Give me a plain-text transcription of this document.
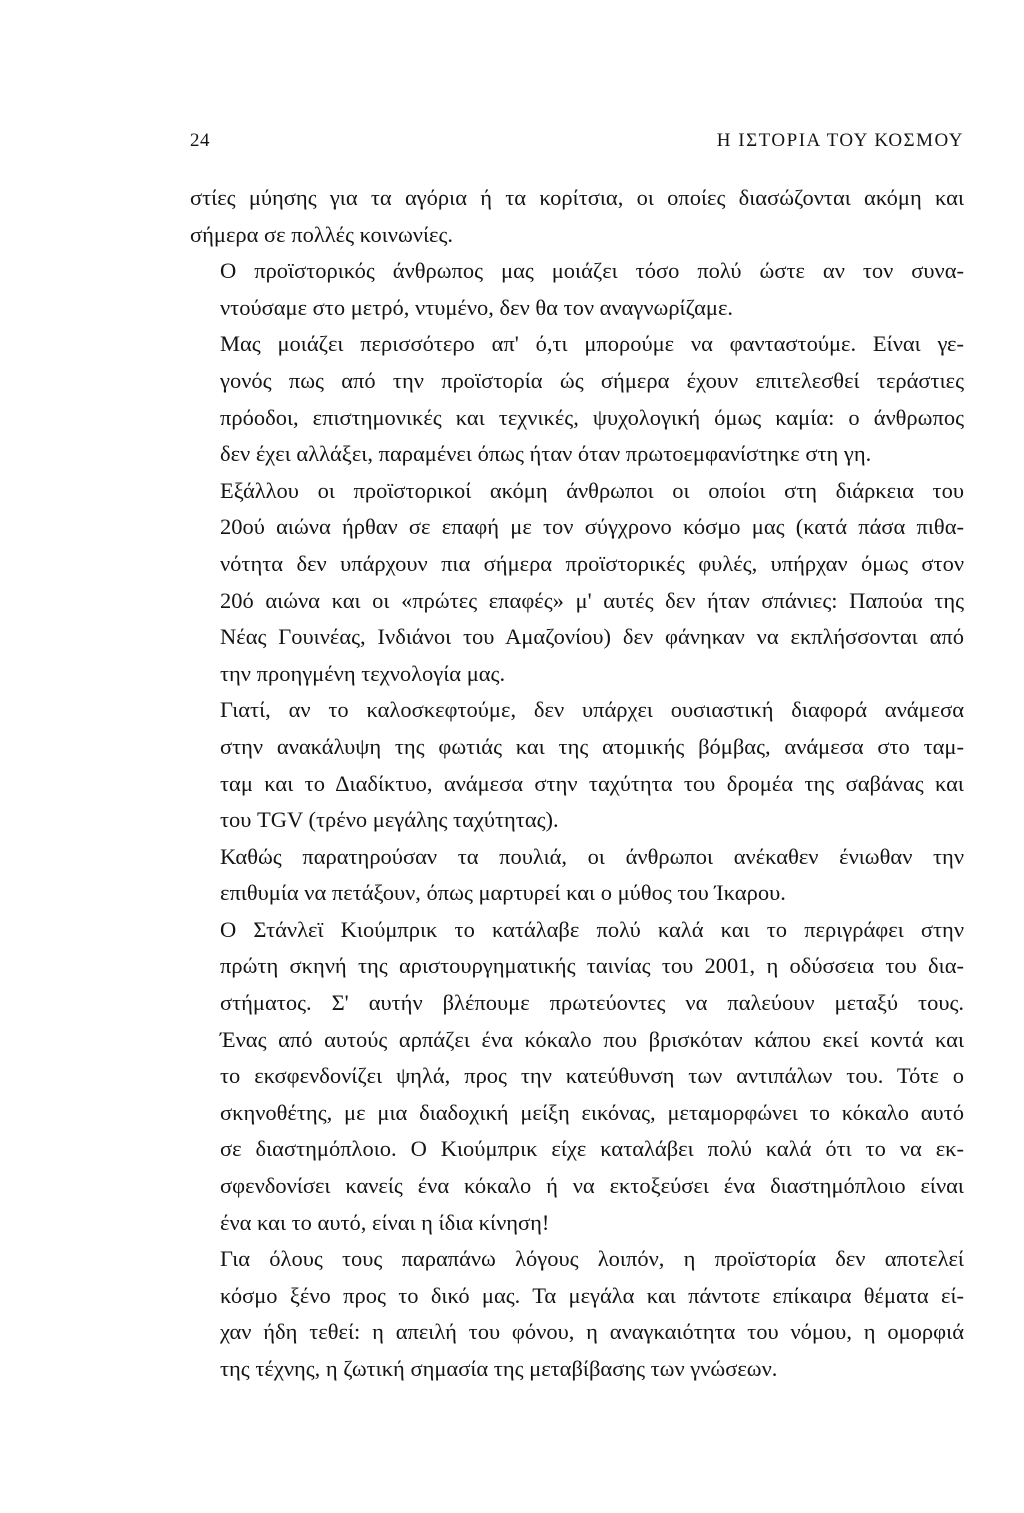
24	Η ΙΣΤΟΡΙΑ ΤΟΥ ΚΟΣΜΟΥ

στίες μύησης για τα αγόρια ή τα κορίτσια, οι οποίες διασώζονται ακόμη και
σήμερα σε πολλές κοινωνίες.

Ο προϊστορικός άνθρωπος μας μοιάζει τόσο πολύ ώστε αν τον συνα-
ντούσαμε στο μετρό, ντυμένο, δεν θα τον αναγνωρίζαμε.

Μας μοιάζει περισσότερο απ' ό,τι μπορούμε να φανταστούμε. Είναι γε-
γονός πως από την προϊστορία ώς σήμερα έχουν επιτελεσθεί τεράστιες
πρόοδοι, επιστημονικές και τεχνικές, ψυχολογική όμως καμία: ο άνθρωπος
δεν έχει αλλάξει, παραμένει όπως ήταν όταν πρωτοεμφανίστηκε στη γη.

Εξάλλου οι προϊστορικοί ακόμη άνθρωποι οι οποίοι στη διάρκεια του
20ού αιώνα ήρθαν σε επαφή με τον σύγχρονο κόσμο μας (κατά πάσα πιθα-
νότητα δεν υπάρχουν πια σήμερα προϊστορικές φυλές, υπήρχαν όμως στον
20ό αιώνα και οι «πρώτες επαφές» μ' αυτές δεν ήταν σπάνιες: Παπούα της
Νέας Γουινέας, Ινδιάνοι του Αμαζονίου) δεν φάνηκαν να εκπλήσσονται από
την προηγμένη τεχνολογία μας.

Γιατί, αν το καλοσκεφτούμε, δεν υπάρχει ουσιαστική διαφορά ανάμεσα
στην ανακάλυψη της φωτιάς και της ατομικής βόμβας, ανάμεσα στο ταμ-
ταμ και το Διαδίκτυο, ανάμεσα στην ταχύτητα του δρομέα της σαβάνας και
του TGV (τρένο μεγάλης ταχύτητας).

Καθώς παρατηρούσαν τα πουλιά, οι άνθρωποι ανέκαθεν ένιωθαν την
επιθυμία να πετάξουν, όπως μαρτυρεί και ο μύθος του Ίκαρου.

Ο Στάνλεϊ Κιούμπρικ το κατάλαβε πολύ καλά και το περιγράφει στην
πρώτη σκηνή της αριστουργηματικής ταινίας του 2001, η οδύσσεια του δια-
στήματος. Σ' αυτήν βλέπουμε πρωτεύοντες να παλεύουν μεταξύ τους.
Ένας από αυτούς αρπάζει ένα κόκαλο που βρισκόταν κάπου εκεί κοντά και
το εκσφενδονίζει ψηλά, προς την κατεύθυνση των αντιπάλων του. Τότε ο
σκηνοθέτης, με μια διαδοχική μείξη εικόνας, μεταμορφώνει το κόκαλο αυτό
σε διαστημόπλοιο. Ο Κιούμπρικ είχε καταλάβει πολύ καλά ότι το να εκ-
σφενδονίσει κανείς ένα κόκαλο ή να εκτοξεύσει ένα διαστημόπλοιο είναι
ένα και το αυτό, είναι η ίδια κίνηση!

Για όλους τους παραπάνω λόγους λοιπόν, η προϊστορία δεν αποτελεί
κόσμο ξένο προς το δικό μας. Τα μεγάλα και πάντοτε επίκαιρα θέματα εί-
χαν ήδη τεθεί: η απειλή του φόνου, η αναγκαιότητα του νόμου, η ομορφιά
της τέχνης, η ζωτική σημασία της μεταβίβασης των γνώσεων.
